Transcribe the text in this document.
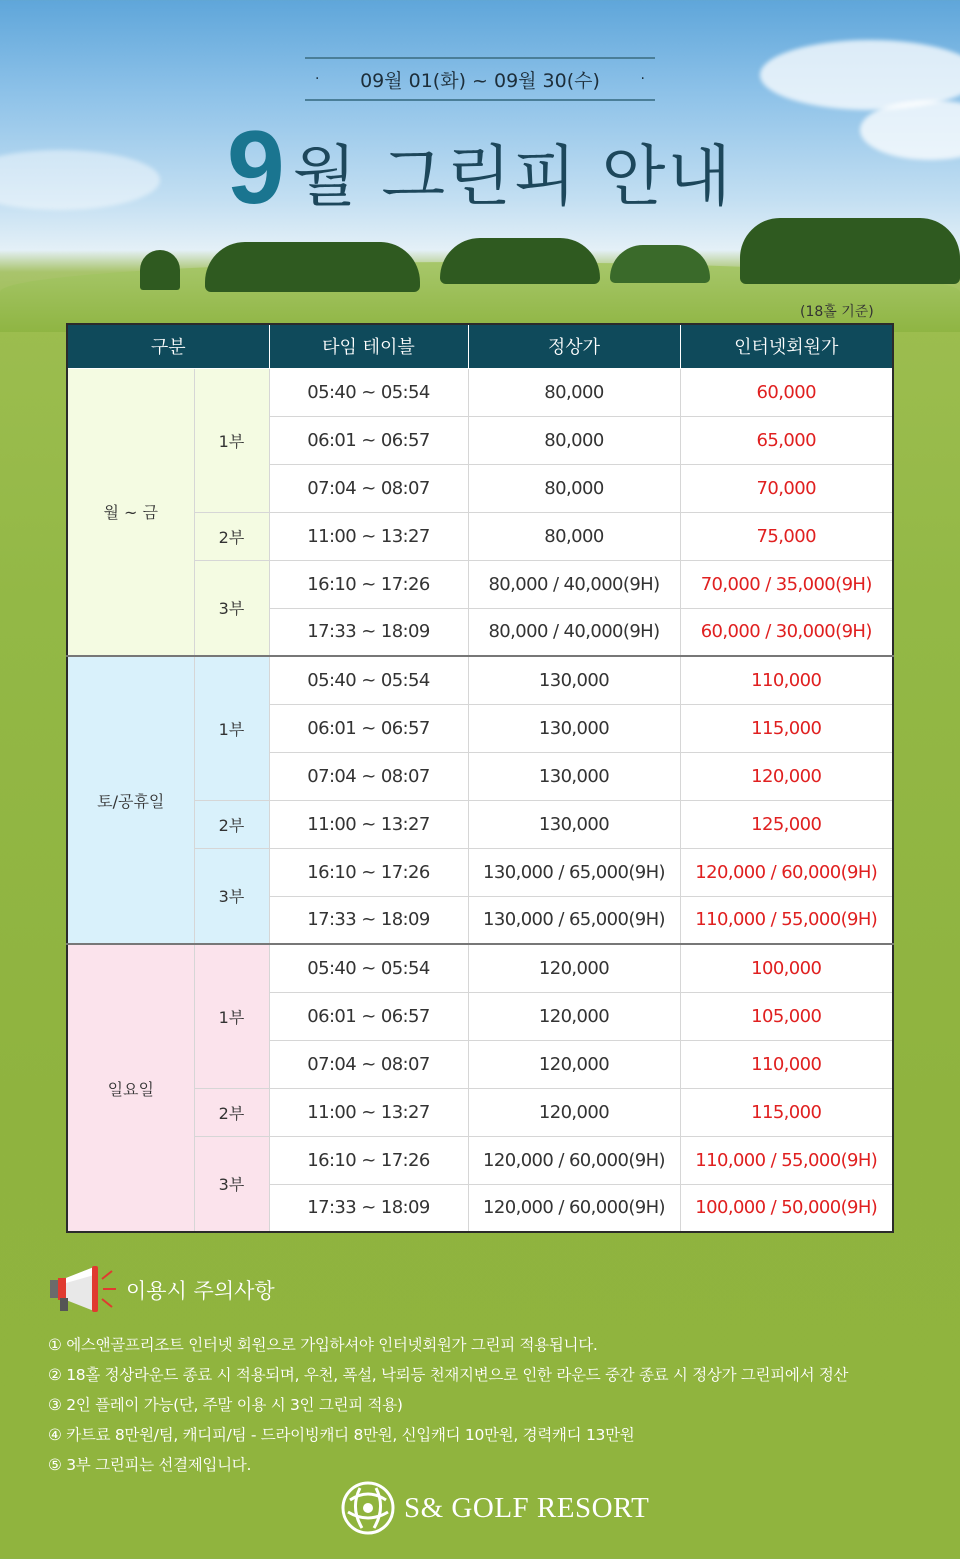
· 09월 01(화) ~ 09월 30(수)	·
9 월 그린피 안내
(18홀 기준)
구분		타임 테이블	정상가	인터넷회원가
월 ~ 금	1부	05:40 ~ 05:54	80,000	60,000
		06:01 ~ 06:57	80,000	65,000
		07:04 ~ 08:07	80,000	70,000
	2부	11:00 ~ 13:27	80,000	75,000
	3부	16:10 ~ 17:26	80,000 / 40,000(9H)	70,000 / 35,000(9H)
		17:33 ~ 18:09	80,000 / 40,000(9H)	60,000 / 30,000(9H)
토/공휴일	1부	05:40 ~ 05:54	130,000	110,000
		06:01 ~ 06:57	130,000	115,000
		07:04 ~ 08:07	130,000	120,000
	2부	11:00 ~ 13:27	130,000	125,000
	3부	16:10 ~ 17:26	130,000 / 65,000(9H)	120,000 / 60,000(9H)
		17:33 ~ 18:09	130,000 / 65,000(9H)	110,000 / 55,000(9H)
일요일	1부	05:40 ~ 05:54	120,000	100,000
		06:01 ~ 06:57	120,000	105,000
		07:04 ~ 08:07	120,000	110,000
	2부	11:00 ~ 13:27	120,000	115,000
	3부	16:10 ~ 17:26	120,000 / 60,000(9H)	110,000 / 55,000(9H)
		17:33 ~ 18:09	120,000 / 60,000(9H)	100,000 / 50,000(9H)
이용시 주의사항
① 에스앤골프리조트 인터넷 회원으로 가입하셔야 인터넷회원가 그린피 적용됩니다.
② 18홀 정상라운드 종료 시 적용되며, 우천, 폭설, 낙뢰등 천재지변으로 인한 라운드 중간 종료 시 정상가 그린피에서 정산
③ 2인 플레이 가능(단, 주말 이용 시 3인 그린피 적용)
④ 카트료 8만원/팀, 캐디피/팀 - 드라이빙캐디 8만원, 신입캐디 10만원, 경력캐디 13만원
⑤ 3부 그린피는 선결제입니다.
S& GOLF RESORT
